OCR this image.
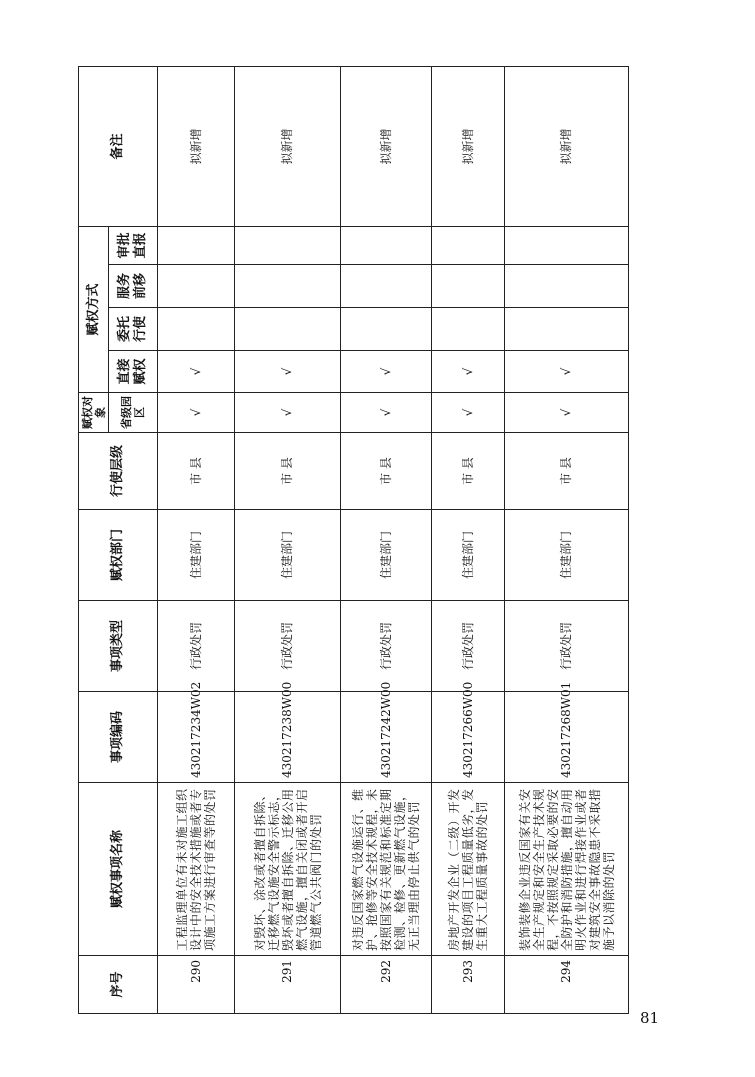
序号	赋权事项名称	事项编码	事项类型	赋权部门	行使层级	赋权对象	赋权方式				备注
						省级园区	直接赋权	委托行使	服务前移	审批直报	
290	工程监理单位有未对施工组织设计中的安全技术措施或者专项施工方案进行审查等的处罚	430217234W02	行政处罚	住建部门	市 县	√	√				拟新增
291	对毁坏、涂改或者擅自拆除、迁移燃气设施安全警示标志，毁坏或者擅自拆除、迁移公用燃气设施，擅自关闭或者开启管道燃气公共阀门的处罚	430217238W00	行政处罚	住建部门	市 县	√	√				拟新增
292	对违反国家燃气设施运行、维护、抢修等安全技术规程，未按照国家有关规范和标准定期检测、检修、更新燃气设施，无正当理由停止供气的处罚	430217242W00	行政处罚	住建部门	市 县	√	√				拟新增
293	房地产开发企业（二级）开发建设的项目工程质量低劣，发生重大工程质量事故的处罚	430217266W00	行政处罚	住建部门	市 县	√	√				拟新增
294	装饰装修企业违反国家有关安全生产规定和安全生产技术规程，不按照规定采取必要的安全防护和消防措施，擅自动用明火作业和进行焊接作业或者对建筑安全事故隐患不采取措施予以消除的处罚	430217268W01	行政处罚	住建部门	市 县	√	√				拟新增
81
